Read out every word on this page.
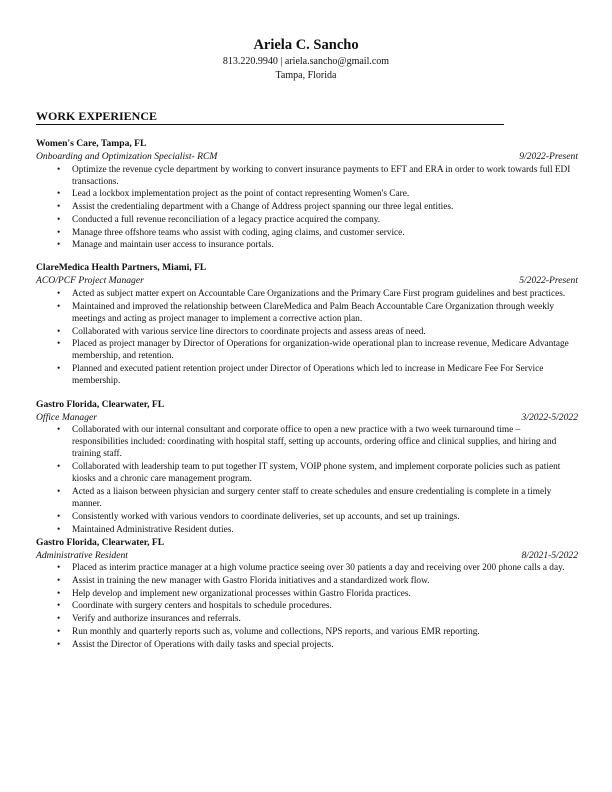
Ariela C. Sancho
813.220.9940 | ariela.sancho@gmail.com
Tampa, Florida
WORK EXPERIENCE
Women's Care, Tampa, FL
Onboarding and Optimization Specialist- RCM	9/2022-Present
• Optimize the revenue cycle department by working to convert insurance payments to EFT and ERA in order to work towards full EDI transactions.
• Lead a lockbox implementation project as the point of contact representing Women's Care.
• Assist the credentialing department with a Change of Address project spanning our three legal entities.
• Conducted a full revenue reconciliation of a legacy practice acquired the company.
• Manage three offshore teams who assist with coding, aging claims, and customer service.
• Manage and maintain user access to insurance portals.
ClareMedica Health Partners, Miami, FL
ACO/PCF Project Manager	5/2022-Present
• Acted as subject matter expert on Accountable Care Organizations and the Primary Care First program guidelines and best practices.
• Maintained and improved the relationship between ClareMedica and Palm Beach Accountable Care Organization through weekly meetings and acting as project manager to implement a corrective action plan.
• Collaborated with various service line directors to coordinate projects and assess areas of need.
• Placed as project manager by Director of Operations for organization-wide operational plan to increase revenue, Medicare Advantage membership, and retention.
• Planned and executed patient retention project under Director of Operations which led to increase in Medicare Fee For Service membership.
Gastro Florida, Clearwater, FL
Office Manager	3/2022-5/2022
• Collaborated with our internal consultant and corporate office to open a new practice with a two week turnaround time – responsibilities included: coordinating with hospital staff, setting up accounts, ordering office and clinical supplies, and hiring and training staff.
• Collaborated with leadership team to put together IT system, VOIP phone system, and implement corporate policies such as patient kiosks and a chronic care management program.
• Acted as a liaison between physician and surgery center staff to create schedules and ensure credentialing is complete in a timely manner.
• Consistently worked with various vendors to coordinate deliveries, set up accounts, and set up trainings.
• Maintained Administrative Resident duties.
Gastro Florida, Clearwater, FL
Administrative Resident	8/2021-5/2022
• Placed as interim practice manager at a high volume practice seeing over 30 patients a day and receiving over 200 phone calls a day.
• Assist in training the new manager with Gastro Florida initiatives and a standardized work flow.
• Help develop and implement new organizational processes within Gastro Florida practices.
• Coordinate with surgery centers and hospitals to schedule procedures.
• Verify and authorize insurances and referrals.
• Run monthly and quarterly reports such as, volume and collections, NPS reports, and various EMR reporting.
• Assist the Director of Operations with daily tasks and special projects.
